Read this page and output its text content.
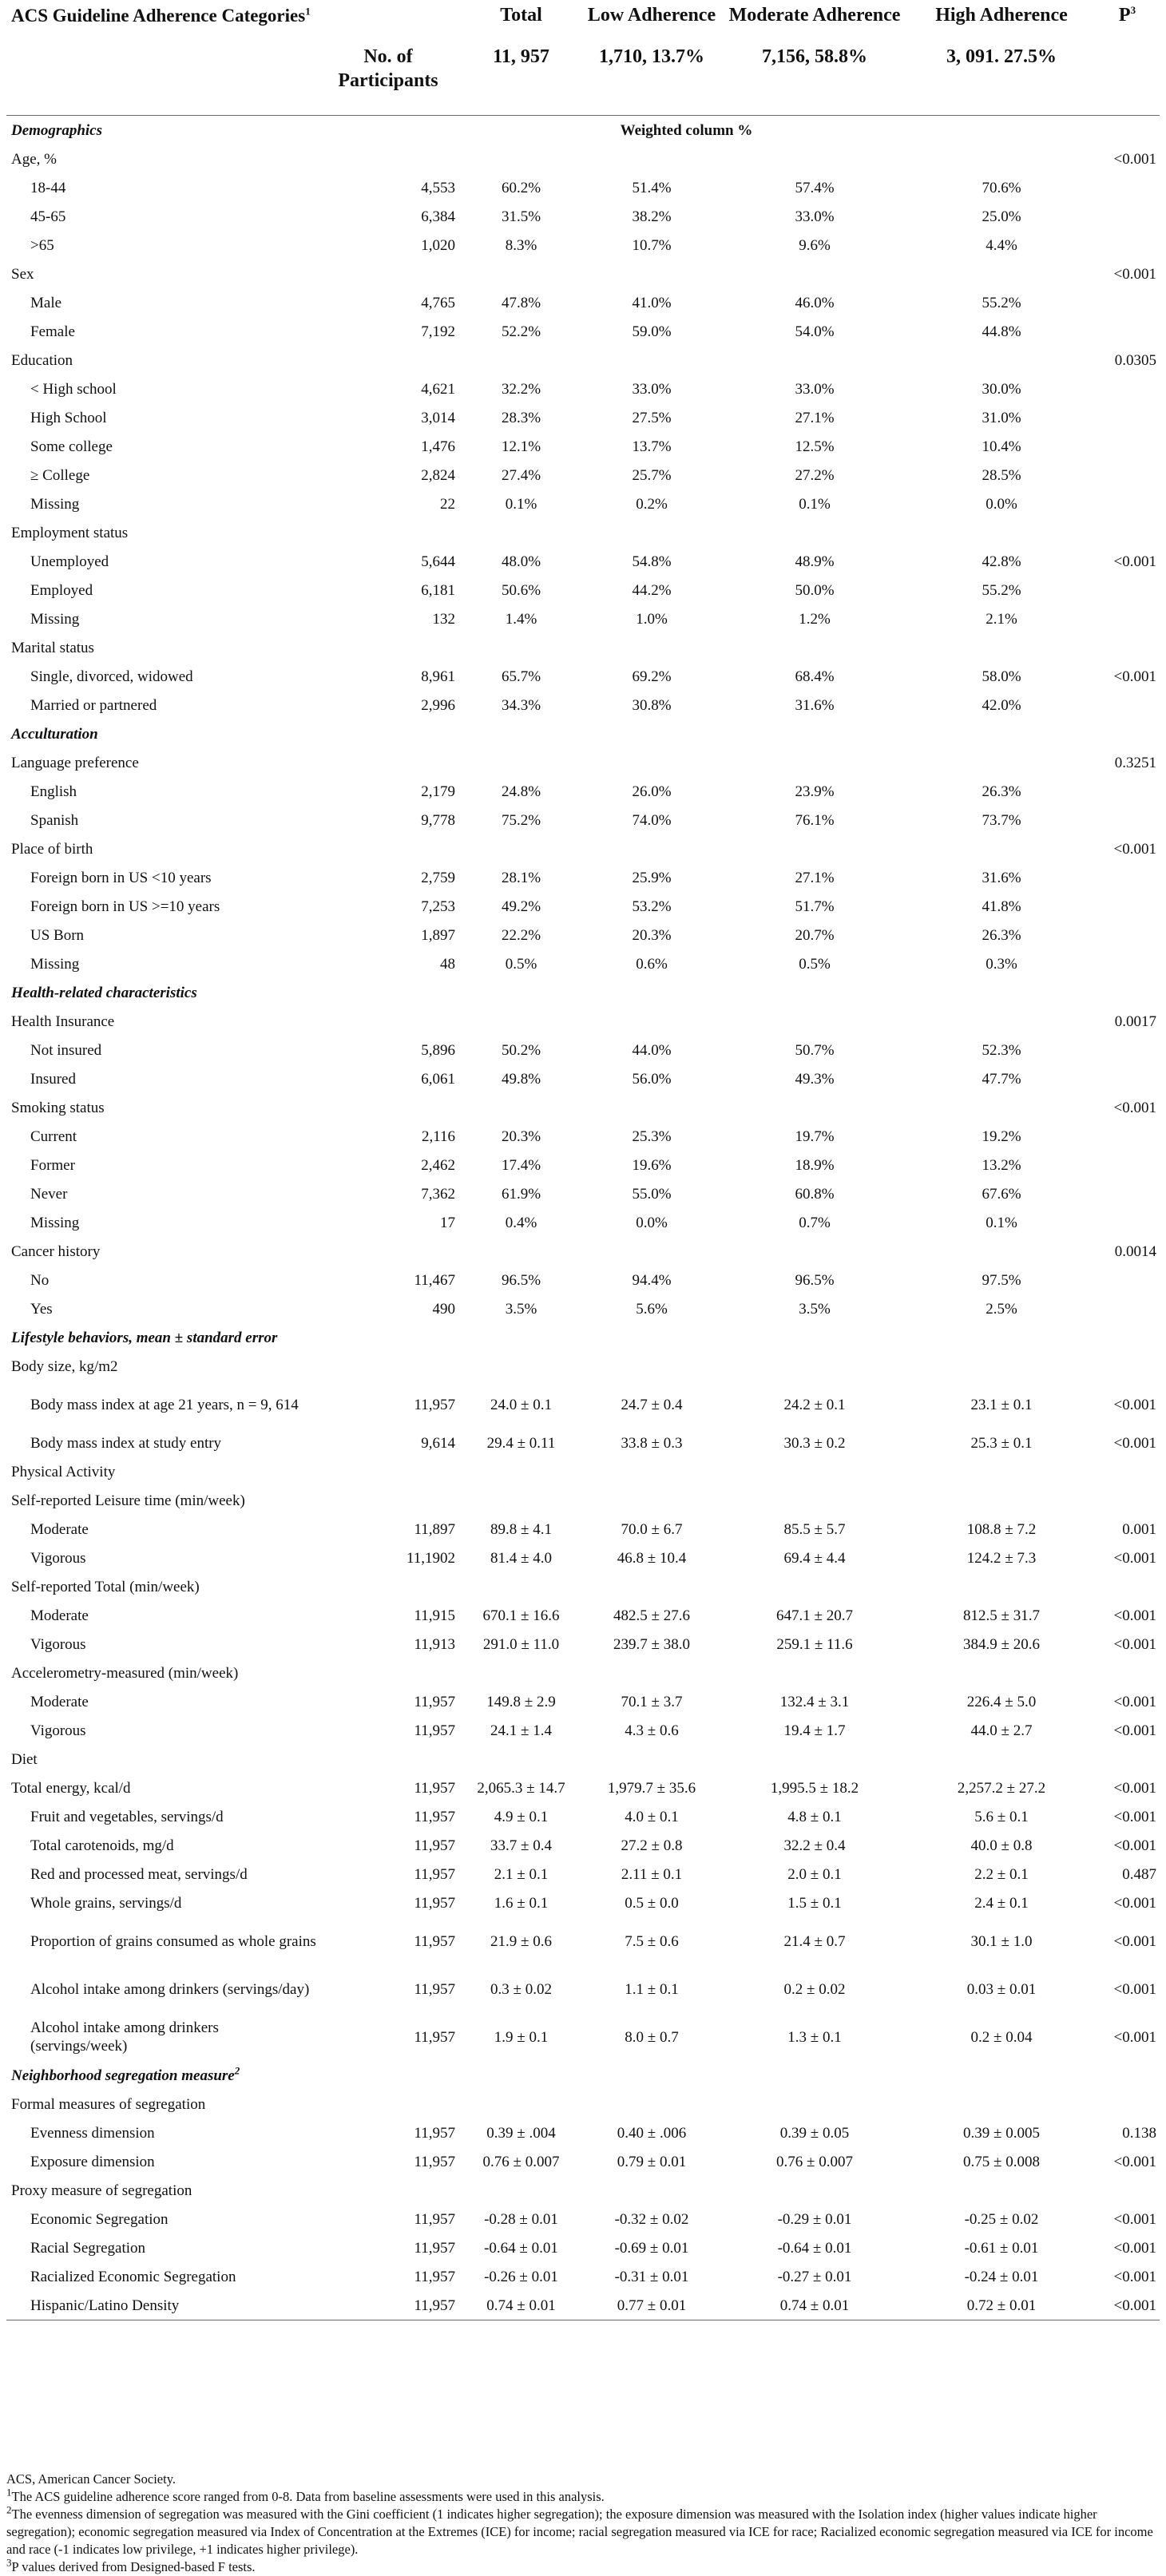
ACS Guideline Adherence Categories$^1$		Total	Low Adherence	Moderate Adherence	High Adherence	$P^3$
	No. of Participants	11, 957	1,710, 13.7%	7,156, 58.8%	3, 091. 27.5%	
Demographics		Weighted column %				
Age, %						<0.001
18-44	4,553	60.2%	51.4%	57.4%	70.6%	
45-65	6,384	31.5%	38.2%	33.0%	25.0%	
>65	1,020	8.3%	10.7%	9.6%	4.4%	
Sex						<0.001
Male	4,765	47.8%	41.0%	46.0%	55.2%	
Female	7,192	52.2%	59.0%	54.0%	44.8%	
Education						0.0305
< High school	4,621	32.2%	33.0%	33.0%	30.0%	
High School	3,014	28.3%	27.5%	27.1%	31.0%	
Some college	1,476	12.1%	13.7%	12.5%	10.4%	
≥ College	2,824	27.4%	25.7%	27.2%	28.5%	
Missing	22	0.1%	0.2%	0.1%	0.0%	
Employment status						
Unemployed	5,644	48.0%	54.8%	48.9%	42.8%	<0.001
Employed	6,181	50.6%	44.2%	50.0%	55.2%	
Missing	132	1.4%	1.0%	1.2%	2.1%	
Marital status						
Single, divorced, widowed	8,961	65.7%	69.2%	68.4%	58.0%	<0.001
Married or partnered	2,996	34.3%	30.8%	31.6%	42.0%	
Acculturation						
Language preference						0.3251
English	2,179	24.8%	26.0%	23.9%	26.3%	
Spanish	9,778	75.2%	74.0%	76.1%	73.7%	
Place of birth						<0.001
Foreign born in US <10 years	2,759	28.1%	25.9%	27.1%	31.6%	
Foreign born in US >=10 years	7,253	49.2%	53.2%	51.7%	41.8%	
US Born	1,897	22.2%	20.3%	20.7%	26.3%	
Missing	48	0.5%	0.6%	0.5%	0.3%	
Health-related characteristics						
Health Insurance						0.0017
Not insured	5,896	50.2%	44.0%	50.7%	52.3%	
Insured	6,061	49.8%	56.0%	49.3%	47.7%	
Smoking status						<0.001
Current	2,116	20.3%	25.3%	19.7%	19.2%	
Former	2,462	17.4%	19.6%	18.9%	13.2%	
Never	7,362	61.9%	55.0%	60.8%	67.6%	
Missing	17	0.4%	0.0%	0.7%	0.1%	
Cancer history						0.0014
No	11,467	96.5%	94.4%	96.5%	97.5%	
Yes	490	3.5%	5.6%	3.5%	2.5%	
Lifestyle behaviors, mean ± standard error						
Body size, kg/m2						
Body mass index at age 21 years, n = 9, 614	11,957	24.0 ± 0.1	24.7 ± 0.4	24.2 ± 0.1	23.1 ± 0.1	<0.001
Body mass index at study entry	9,614	29.4 ± 0.11	33.8 ± 0.3	30.3 ± 0.2	25.3 ± 0.1	<0.001
Physical Activity						
Self-reported Leisure time (min/week)						
Moderate	11,897	89.8 ± 4.1	70.0 ± 6.7	85.5 ± 5.7	108.8 ± 7.2	0.001
Vigorous	11,1902	81.4 ± 4.0	46.8 ± 10.4	69.4 ± 4.4	124.2 ± 7.3	<0.001
Self-reported Total (min/week)						
Moderate	11,915	670.1 ± 16.6	482.5 ± 27.6	647.1 ± 20.7	812.5 ± 31.7	<0.001
Vigorous	11,913	291.0 ± 11.0	239.7 ± 38.0	259.1 ± 11.6	384.9 ± 20.6	<0.001
Accelerometry-measured (min/week)						
Moderate	11,957	149.8 ± 2.9	70.1 ± 3.7	132.4 ± 3.1	226.4 ± 5.0	<0.001
Vigorous	11,957	24.1 ± 1.4	4.3 ± 0.6	19.4 ± 1.7	44.0 ± 2.7	<0.001
Diet						
Total energy, kcal/d	11,957	2,065.3 ± 14.7	1,979.7 ± 35.6	1,995.5 ± 18.2	2,257.2 ± 27.2	<0.001
Fruit and vegetables, servings/d	11,957	4.9 ± 0.1	4.0 ± 0.1	4.8 ± 0.1	5.6 ± 0.1	<0.001
Total carotenoids, mg/d	11,957	33.7 ± 0.4	27.2 ± 0.8	32.2 ± 0.4	40.0 ± 0.8	<0.001
Red and processed meat, servings/d	11,957	2.1 ± 0.1	2.11 ± 0.1	2.0 ± 0.1	2.2 ± 0.1	0.487
Whole grains, servings/d	11,957	1.6 ± 0.1	0.5 ± 0.0	1.5 ± 0.1	2.4 ± 0.1	<0.001
Proportion of grains consumed as whole grains	11,957	21.9 ± 0.6	7.5 ± 0.6	21.4 ± 0.7	30.1 ± 1.0	<0.001
Alcohol intake among drinkers (servings/day)	11,957	0.3 ± 0.02	1.1 ± 0.1	0.2 ± 0.02	0.03 ± 0.01	<0.001
Alcohol intake among drinkers (servings/week)	11,957	1.9 ± 0.1	8.0 ± 0.7	1.3 ± 0.1	0.2 ± 0.04	<0.001
Neighborhood segregation measure$^2$		
Formal measures of segregation						
Evenness dimension	11,957	0.39 ± .004	0.40 ± .006	0.39 ± 0.05	0.39 ± 0.005	0.138
Exposure dimension	11,957	0.76 ± 0.007	0.79 ± 0.01	0.76 ± 0.007	0.75 ± 0.008	<0.001
Proxy measure of segregation						
Economic Segregation	11,957	-0.28 ± 0.01	-0.32 ± 0.02	-0.29 ± 0.01	-0.25 ± 0.02	<0.001
Racial Segregation	11,957	-0.64 ± 0.01	-0.69 ± 0.01	-0.64 ± 0.01	-0.61 ± 0.01	<0.001
Racialized Economic Segregation	11,957	-0.26 ± 0.01	-0.31 ± 0.01	-0.27 ± 0.01	-0.24 ± 0.01	<0.001
Hispanic/Latino Density	11,957	0.74 ± 0.01	0.77 ± 0.01	0.74 ± 0.01	0.72 ± 0.01	<0.001

ACS, American Cancer Society.

$^1$The ACS guideline adherence score ranged from 0-8. Data from baseline assessments were used in this analysis.

$^2$The evenness dimension of segregation was measured with the Gini coefficient (1 indicates higher segregation); the exposure dimension was measured with the Isolation index (higher values indicate higher segregation); economic segregation measured via Index of Concentration at the Extremes (ICE) for income; racial segregation measured via ICE for race; Racialized economic segregation measured via ICE for income and race (-1 indicates low privilege, +1 indicates higher privilege).

$^3$P values derived from Designed-based F tests.
